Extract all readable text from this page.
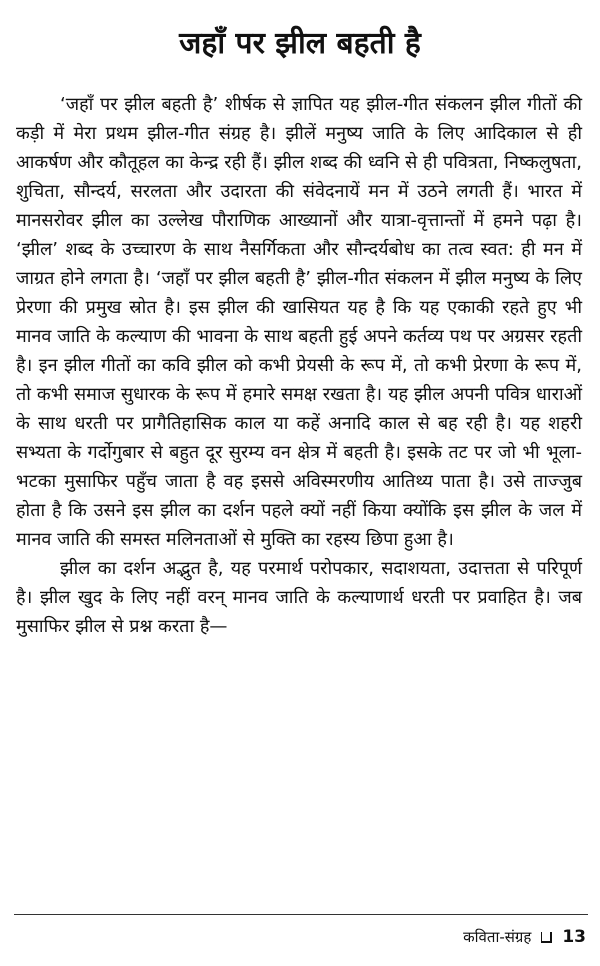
जहाँ पर झील बहती है

‘जहाँ पर झील बहती है’ शीर्षक से ज्ञापित यह झील-गीत संकलन झील गीतों की कड़ी में मेरा प्रथम झील-गीत संग्रह है। झीलें मनुष्य जाति के लिए आदिकाल से ही आकर्षण और कौतूहल का केन्द्र रही हैं। झील शब्द की ध्वनि से ही पवित्रता, निष्कलुषता, शुचिता, सौन्दर्य, सरलता और उदारता की संवेदनायें मन में उठने लगती हैं। भारत में मानसरोवर झील का उल्लेख पौराणिक आख्यानों और यात्रा-वृत्तान्तों में हमने पढ़ा है। ‘झील’ शब्द के उच्चारण के साथ नैसर्गिकता और सौन्दर्यबोध का तत्व स्वत: ही मन में जाग्रत होने लगता है। ‘जहाँ पर झील बहती है’ झील-गीत संकलन में झील मनुष्य के लिए प्रेरणा की प्रमुख स्रोत है। इस झील की खासियत यह है कि यह एकाकी रहते हुए भी मानव जाति के कल्याण की भावना के साथ बहती हुई अपने कर्तव्य पथ पर अग्रसर रहती है। इन झील गीतों का कवि झील को कभी प्रेयसी के रूप में, तो कभी प्रेरणा के रूप में, तो कभी समाज सुधारक के रूप में हमारे समक्ष रखता है। यह झील अपनी पवित्र धाराओं के साथ धरती पर प्रागैतिहासिक काल या कहें अनादि काल से बह रही है। यह शहरी सभ्यता के गर्दोगुबार से बहुत दूर सुरम्य वन क्षेत्र में बहती है। इसके तट पर जो भी भूला-भटका मुसाफिर पहुँच जाता है वह इससे अविस्मरणीय आतिथ्य पाता है। उसे ताज्जुब होता है कि उसने इस झील का दर्शन पहले क्यों नहीं किया क्योंकि इस झील के जल में मानव जाति की समस्त मलिनताओं से मुक्ति का रहस्य छिपा हुआ है।

झील का दर्शन अद्भुत है, यह परमार्थ परोपकार, सदाशयता, उदात्तता से परिपूर्ण है। झील खुद के लिए नहीं वरन् मानव जाति के कल्याणार्थ धरती पर प्रवाहित है। जब मुसाफिर झील से प्रश्न करता है—

कविता-संग्रह 13
